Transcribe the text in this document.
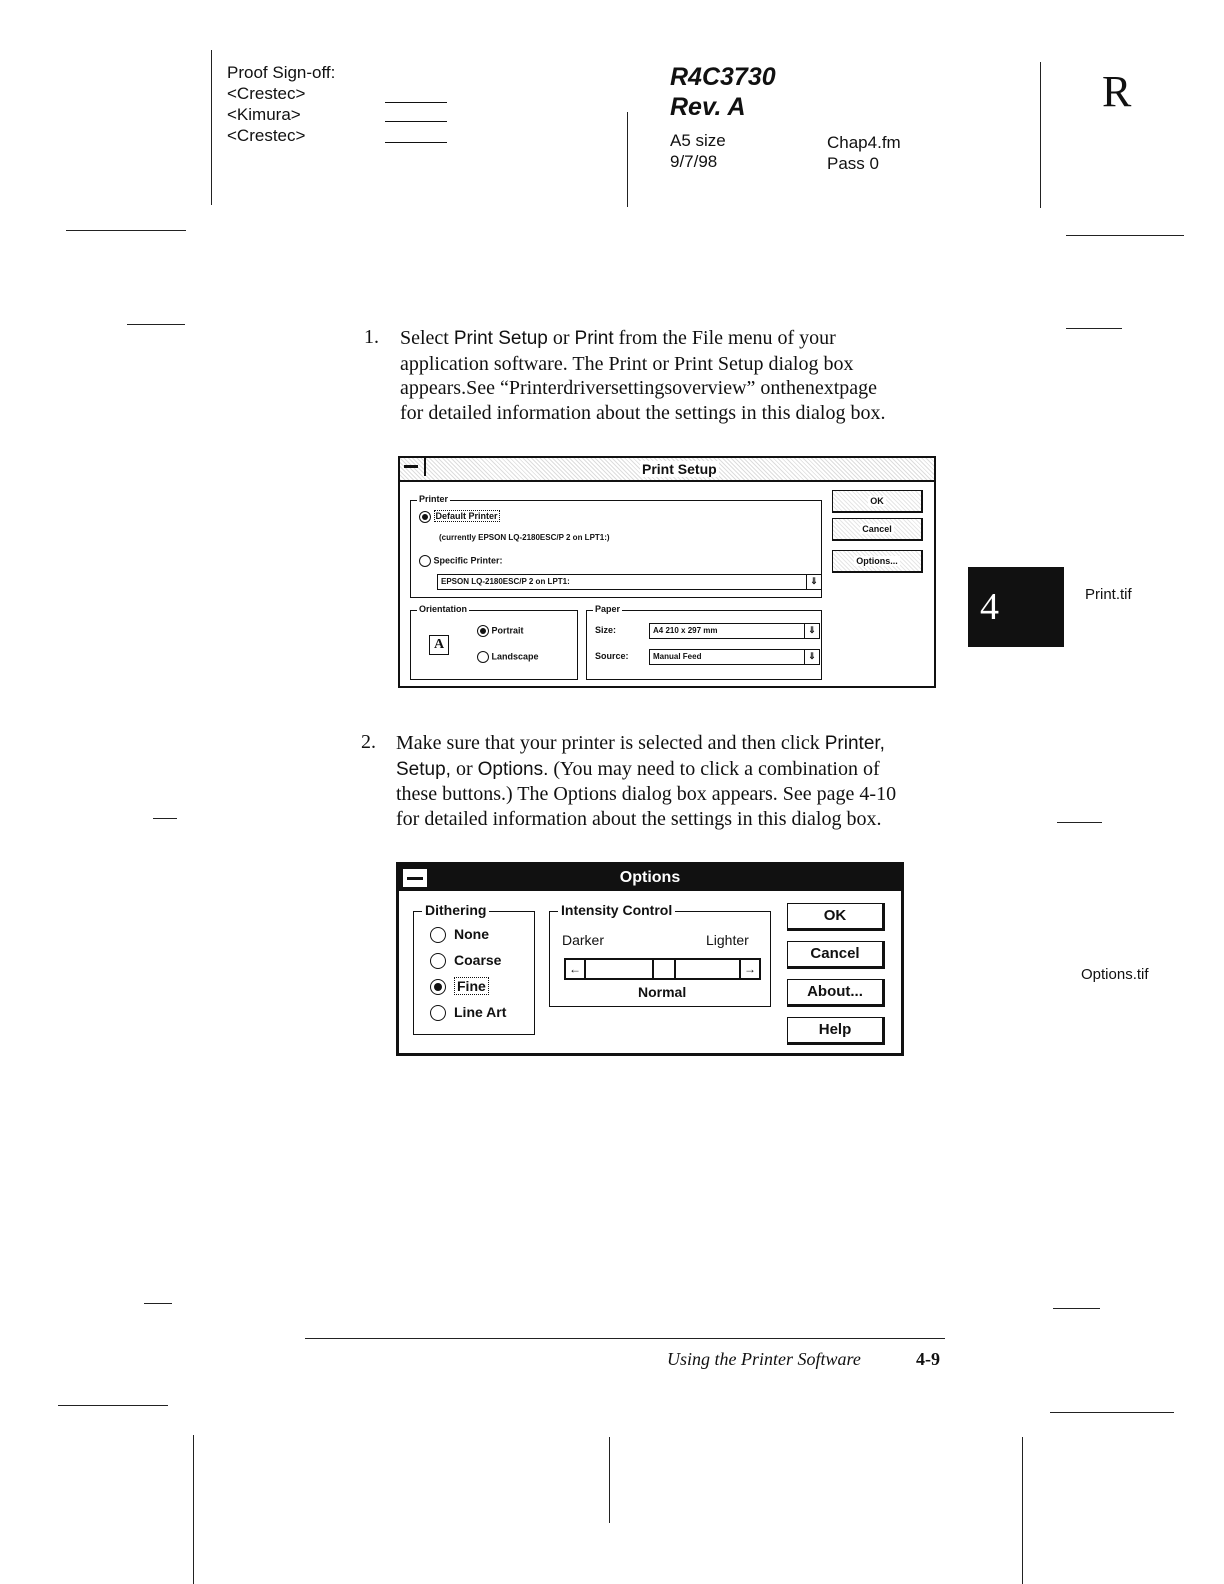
Proof Sign-off:
<Crestec>
<Kimura>
<Crestec>
R4C3730
Rev. A
A5 size
9/7/98
Chap4.fm
Pass 0
R
1. Select Print Setup or Print from the File menu of your
application software. The Print or Print Setup dialog box
appears.See “Printerdriversettingsoverview” onthenextpage
for detailed information about the settings in this dialog box.
Print Setup
Printer
Default Printer
(currently EPSON LQ-2180ESC/P 2 on LPT1:)
Specific Printer:
EPSON LQ-2180ESC/P 2 on LPT1:	⇓
OK
Cancel
Options...
Orientation
A
Portrait
Landscape
Paper
Size:	A4 210 x 297 mm	⇓
Source:	Manual Feed	⇓
4	Print.tif
Options.tif
2. Make sure that your printer is selected and then click Printer,
Setup, or Options. (You may need to click a combination of
these buttons.) The Options dialog box appears. See page 4-10
for detailed information about the settings in this dialog box.
Options
Dithering
None
Coarse
Fine
Line Art
Intensity Control
Darker	Lighter
←	→
Normal
OK
Cancel
About...
Help
Using the Printer Software	4-9
